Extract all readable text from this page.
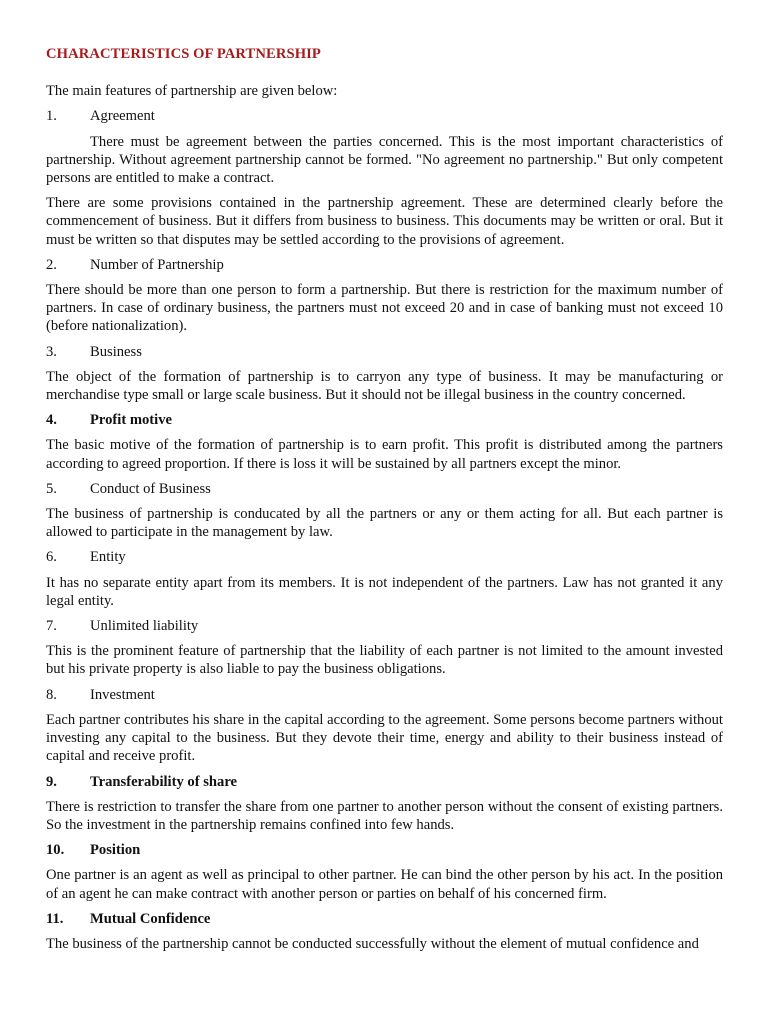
CHARACTERISTICS OF PARTNERSHIP
The main features of partnership are given below:
1.	Agreement
There must be agreement between the parties concerned. This is the most important characteristics of partnership. Without agreement partnership cannot be formed. "No agreement no partnership." But only competent persons are entitled to make a contract.
There are some provisions contained in the partnership agreement. These are determined clearly before the commencement of business. But it differs from business to business. This documents may be written or oral. But it must be written so that disputes may be settled according to the provisions of agreement.
2.	Number of Partnership
There should be more than one person to form a partnership. But there is restriction for the maximum number of partners. In case of ordinary business, the partners must not exceed 20 and in case of banking must not exceed 10 (before nationalization).
3.	Business
The object of the formation of partnership is to carryon any type of business. It may be manufacturing or merchandise type small or large scale business. But it should not be illegal business in the country concerned.
4.	Profit motive
The basic motive of the formation of partnership is to earn profit. This profit is distributed among the partners according to agreed proportion. If there is loss it will be sustained by all partners except the minor.
5.	Conduct of Business
The business of partnership is conducated by all the partners or any or them acting for all. But each partner is allowed to participate in the management by law.
6.	Entity
It has no separate entity apart from its members. It is not independent of the partners. Law has not granted it any legal entity.
7.	Unlimited liability
This is the prominent feature of partnership that the liability of each partner is not limited to the amount invested but his private property is also liable to pay the business obligations.
8.	Investment
Each partner contributes his share in the capital according to the agreement. Some persons become partners without investing any capital to the business. But they devote their time, energy and ability to their business instead of capital and receive profit.
9.	Transferability of share
There is restriction to transfer the share from one partner to another person without the consent of existing partners. So the investment in the partnership remains confined into few hands.
10.	Position
One partner is an agent as well as principal to other partner. He can bind the other person by his act. In the position of an agent he can make contract with another person or parties on behalf of his concerned firm.
11.	Mutual Confidence
The business of the partnership cannot be conducted successfully without the element of mutual confidence and
